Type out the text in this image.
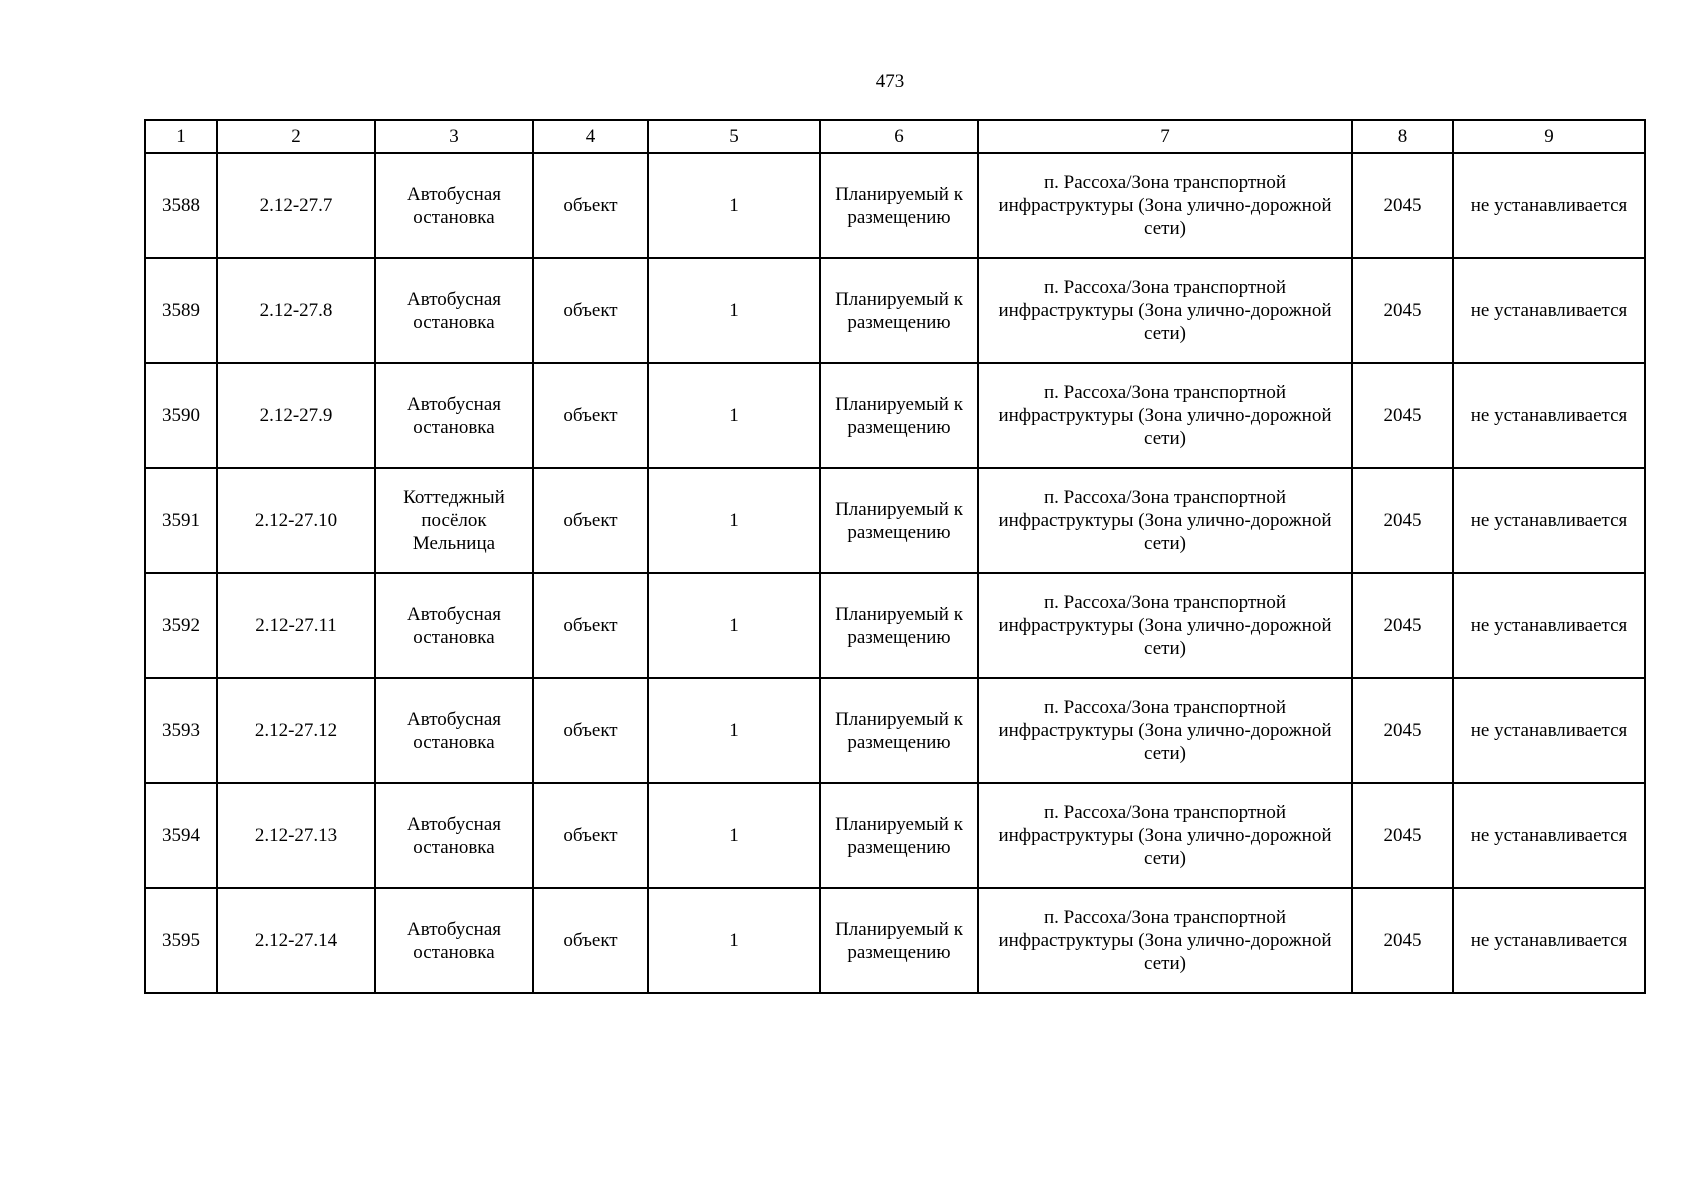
473
1	2	3	4	5	6	7	8	9
3588	2.12-27.7	Автобусная остановка	объект	1	Планируемый к размещению	п. Рассоха/Зона транспортной инфраструктуры (Зона улично-дорожной сети)	2045	не устанавливается
3589	2.12-27.8	Автобусная остановка	объект	1	Планируемый к размещению	п. Рассоха/Зона транспортной инфраструктуры (Зона улично-дорожной сети)	2045	не устанавливается
3590	2.12-27.9	Автобусная остановка	объект	1	Планируемый к размещению	п. Рассоха/Зона транспортной инфраструктуры (Зона улично-дорожной сети)	2045	не устанавливается
3591	2.12-27.10	Коттеджный посёлок Мельница	объект	1	Планируемый к размещению	п. Рассоха/Зона транспортной инфраструктуры (Зона улично-дорожной сети)	2045	не устанавливается
3592	2.12-27.11	Автобусная остановка	объект	1	Планируемый к размещению	п. Рассоха/Зона транспортной инфраструктуры (Зона улично-дорожной сети)	2045	не устанавливается
3593	2.12-27.12	Автобусная остановка	объект	1	Планируемый к размещению	п. Рассоха/Зона транспортной инфраструктуры (Зона улично-дорожной сети)	2045	не устанавливается
3594	2.12-27.13	Автобусная остановка	объект	1	Планируемый к размещению	п. Рассоха/Зона транспортной инфраструктуры (Зона улично-дорожной сети)	2045	не устанавливается
3595	2.12-27.14	Автобусная остановка	объект	1	Планируемый к размещению	п. Рассоха/Зона транспортной инфраструктуры (Зона улично-дорожной сети)	2045	не устанавливается
